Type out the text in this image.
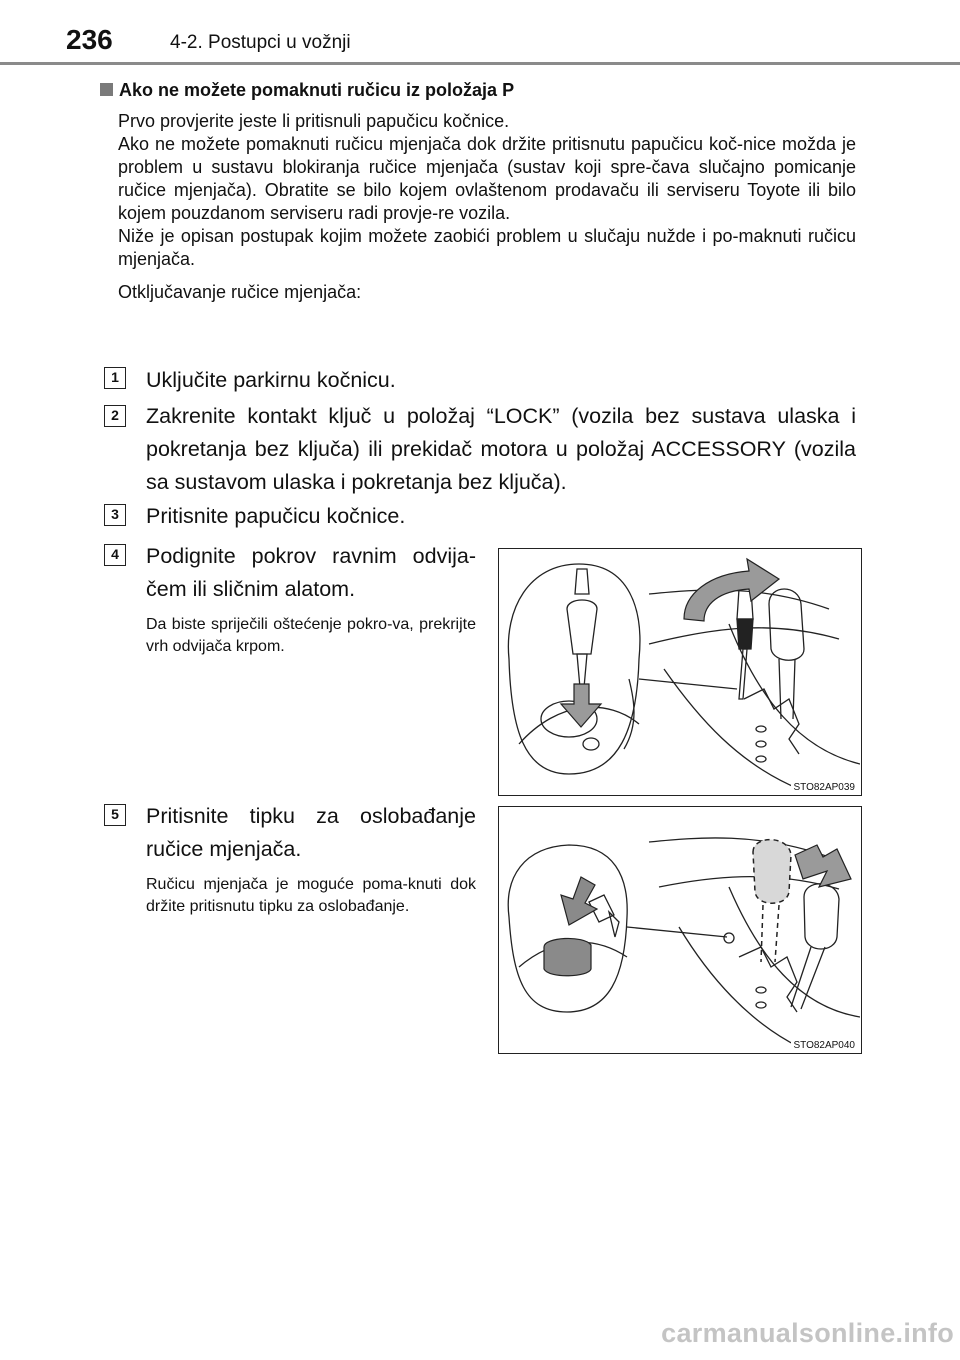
236	4-2. Postupci u vožnji
Ako ne možete pomaknuti ručicu iz položaja P

Prvo provjerite jeste li pritisnuli papučicu kočnice.

Ako ne možete pomaknuti ručicu mjenjača dok držite pritisnutu papučicu koč-nice možda je problem u sustavu blokiranja ručice mjenjača (sustav koji spre-čava slučajno pomicanje ručice mjenjača). Obratite se bilo kojem ovlaštenom prodavaču ili serviseru Toyote ili bilo kojem pouzdanom serviseru radi provje-re vozila.

Niže je opisan postupak kojim možete zaobići problem u slučaju nužde i po-maknuti ručicu mjenjača.

Otključavanje ručice mjenjača:

1	Uključite parkirnu kočnicu.
2	Zakrenite kontakt ključ u položaj “LOCK” (vozila bez sustava ulaska i pokretanja bez ključa) ili prekidač motora u položaj ACCESSORY (vozila sa sustavom ulaska i pokretanja bez ključa).
3	Pritisnite papučicu kočnice.
4	Podignite pokrov ravnim odvija-čem ili sličnim alatom.
Da biste spriječili oštećenje pokro-va, prekrijte vrh odvijača krpom.
STO82AP039
5	Pritisnite tipku za oslobađanje ručice mjenjača.
Ručicu mjenjača je moguće poma-knuti dok držite pritisnutu tipku za oslobađanje.
STO82AP040
carmanualsonline.info
